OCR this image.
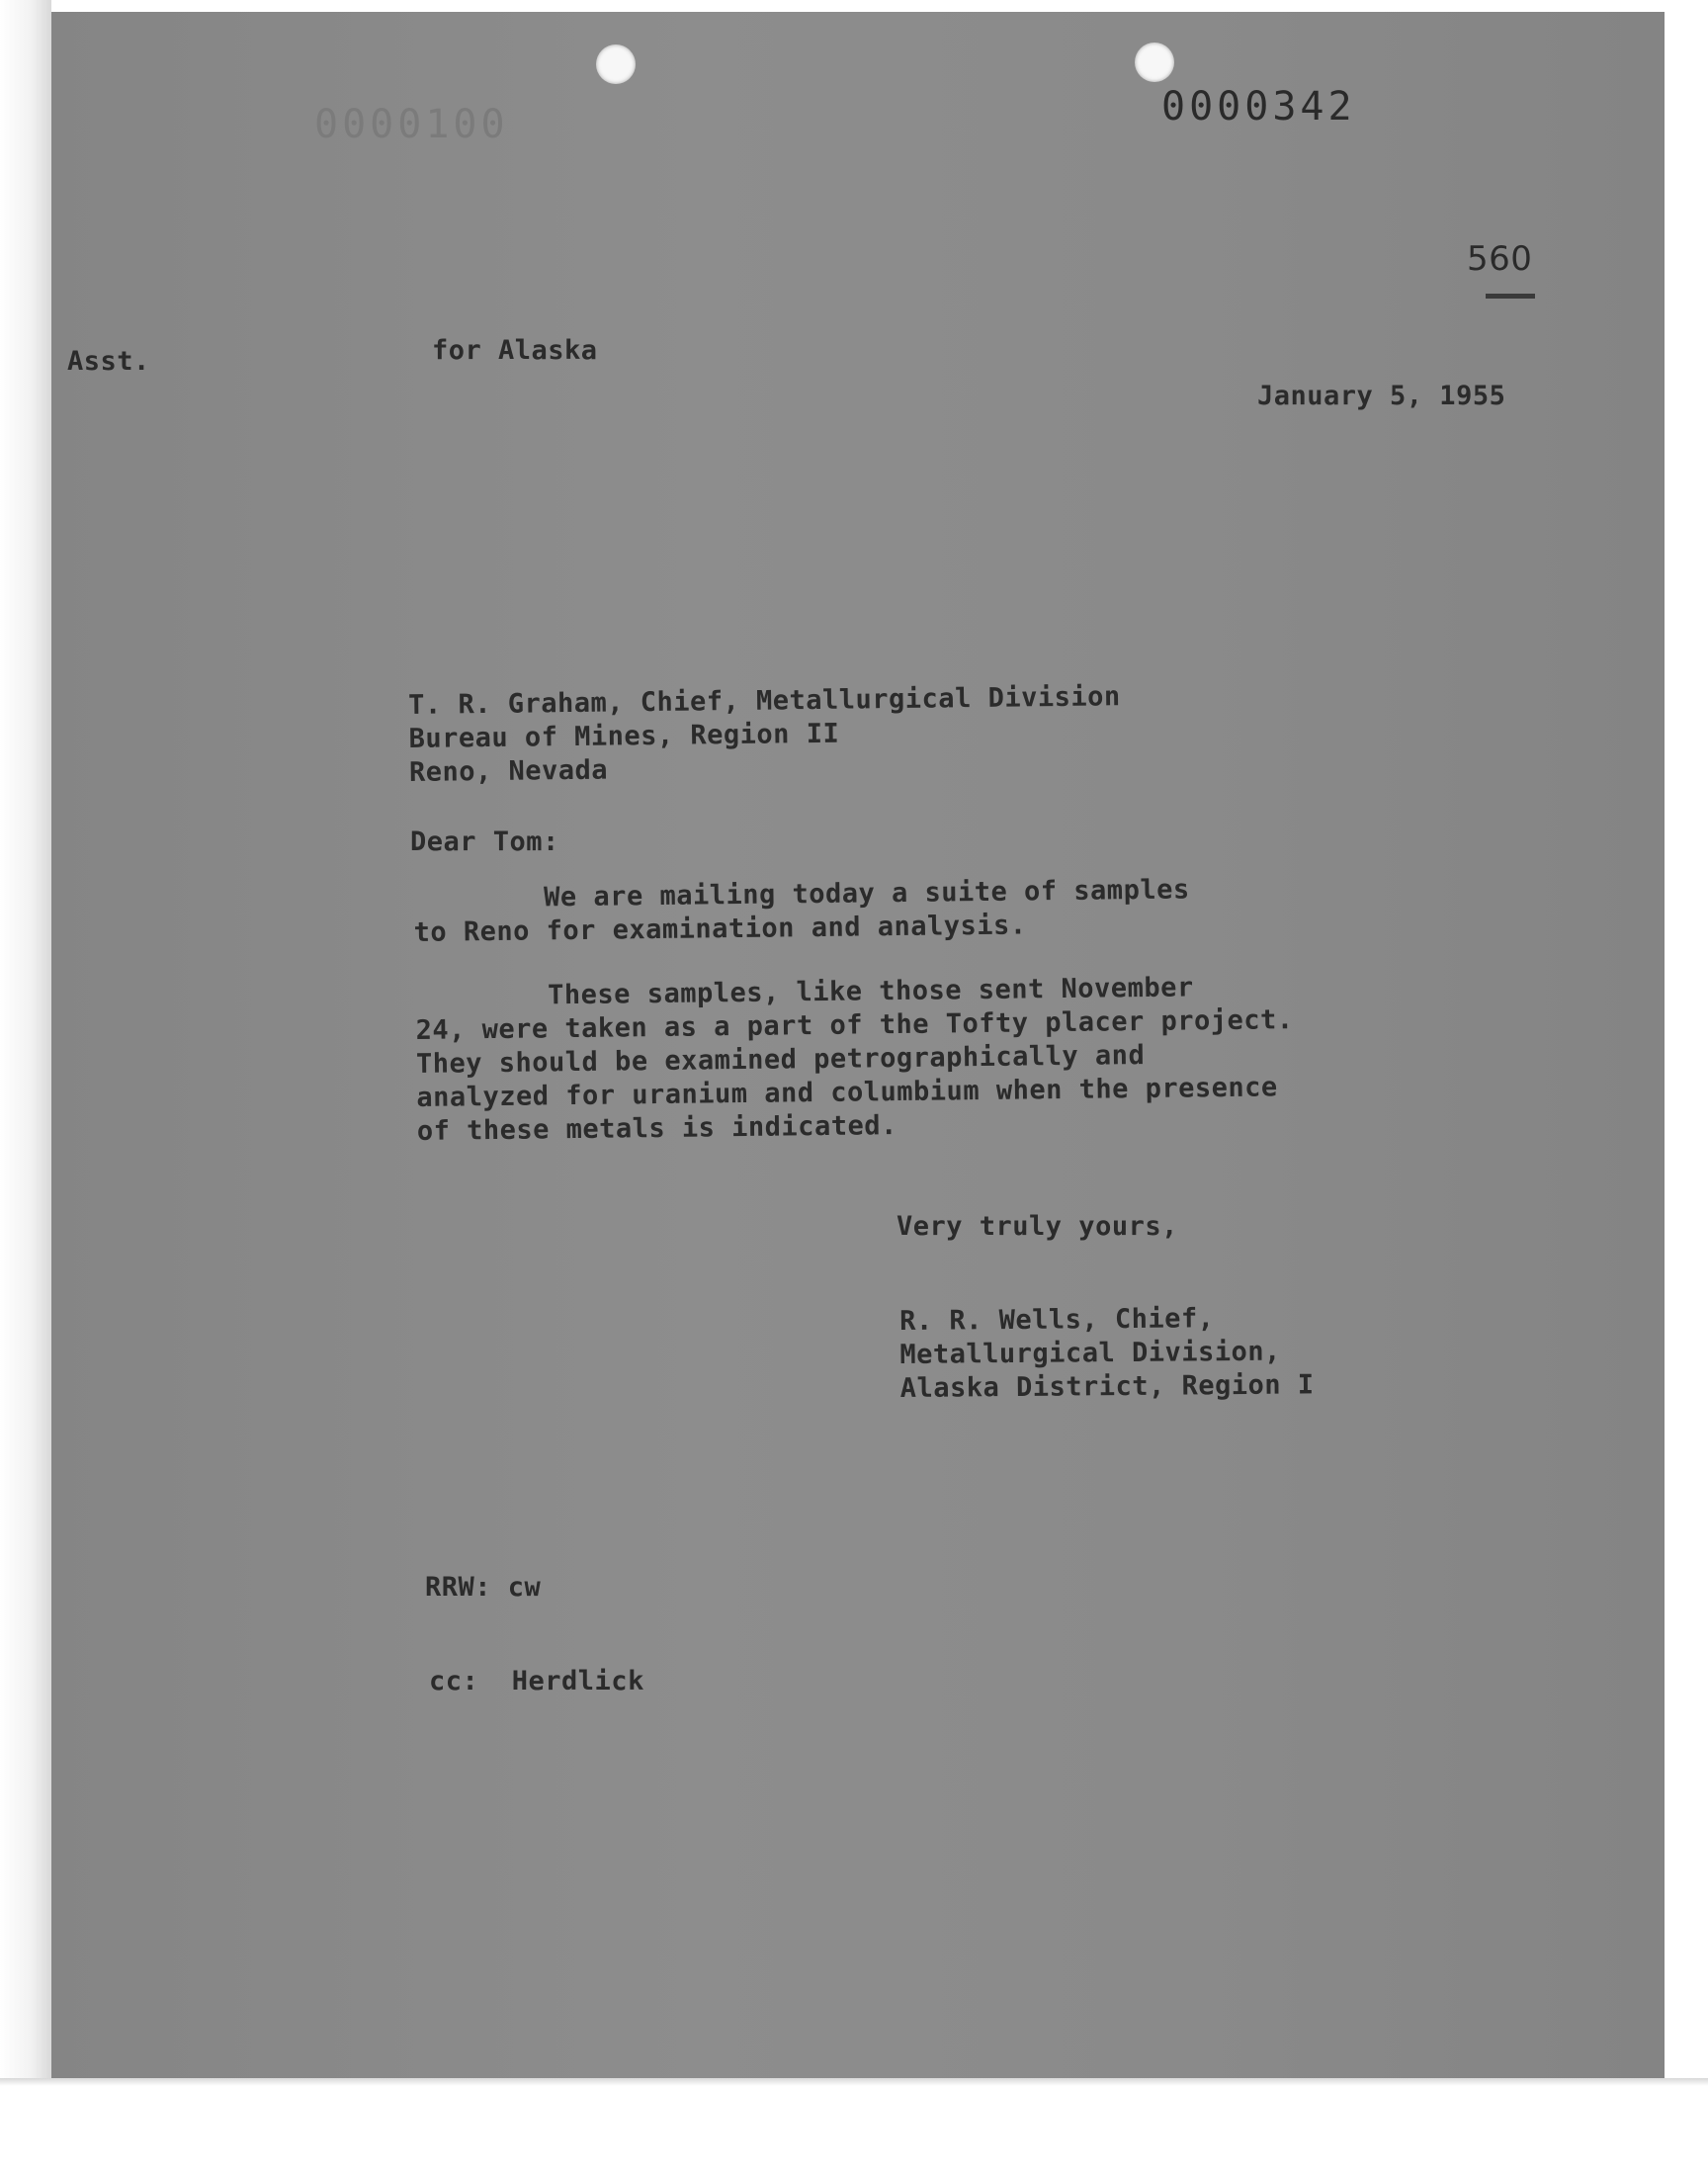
0000100	0000342
560
Asst.	for Alaska
January 5, 1955
T. R. Graham, Chief, Metallurgical Division
Bureau of Mines, Region II
Reno, Nevada
Dear Tom:
We are mailing today a suite of samples
to Reno for examination and analysis.
These samples, like those sent November
24, were taken as a part of the Tofty placer project.
They should be examined petrographically and
analyzed for uranium and columbium when the presence
of these metals is indicated.
Very truly yours,
R. R. Wells, Chief,
Metallurgical Division,
Alaska District, Region I
RRW: cw
cc:  Herdlick
